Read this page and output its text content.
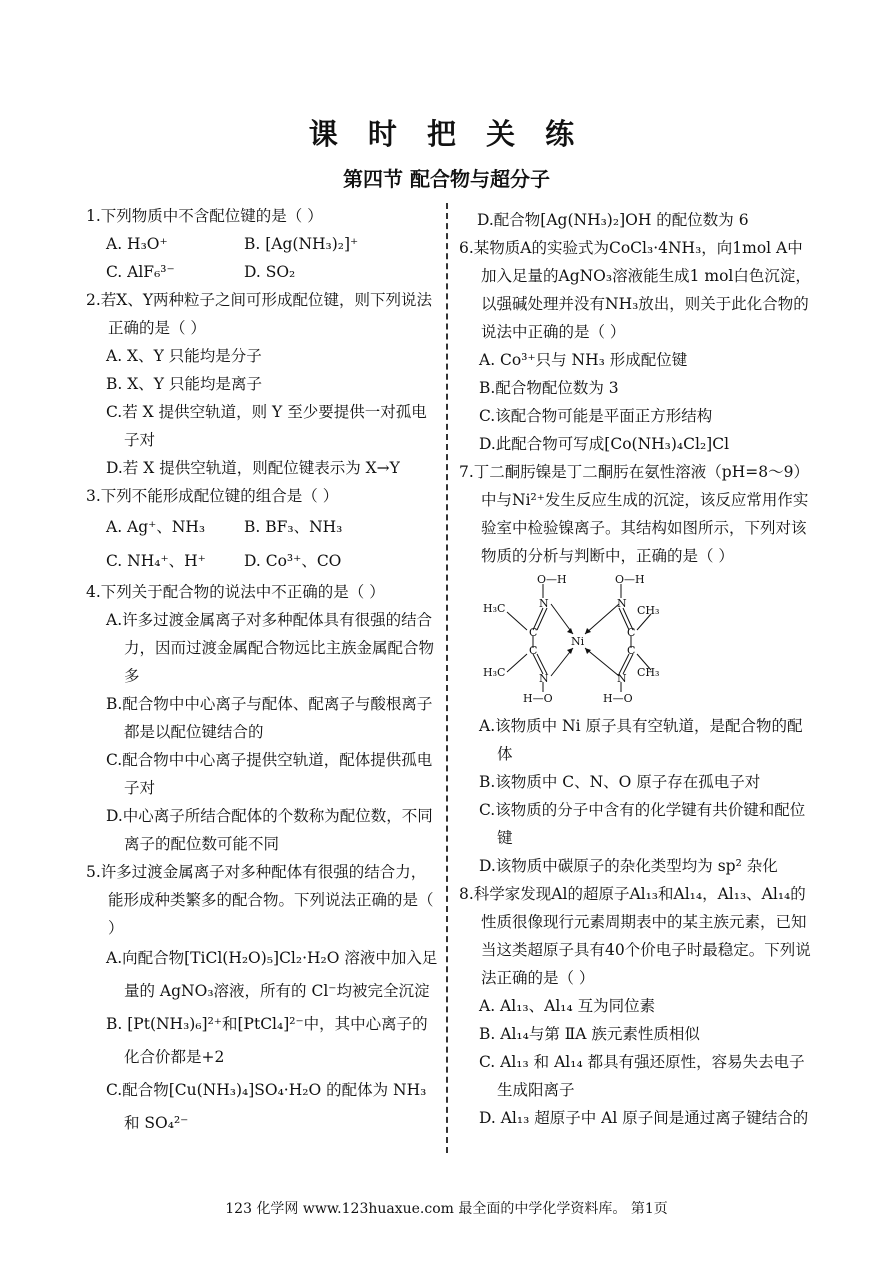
课 时 把 关 练
第四节 配合物与超分子
1.下列物质中不含配位键的是（ ）
A. H₃O⁺	B. [Ag(NH₃)₂]⁺
C. AlF₆³⁻	D. SO₂
2.若X、Y两种粒子之间可形成配位键，则下列说法正确的是（ ）
A. X、Y 只能均是分子
B. X、Y 只能均是离子
C.若 X 提供空轨道，则 Y 至少要提供一对孤电子对
D.若 X 提供空轨道，则配位键表示为 X→Y
3.下列不能形成配位键的组合是（ ）
A. Ag⁺、NH₃	B. BF₃、NH₃
C. NH₄⁺、H⁺	D. Co³⁺、CO
4.下列关于配合物的说法中不正确的是（ ）
A.许多过渡金属离子对多种配体具有很强的结合力，因而过渡金属配合物远比主族金属配合物多
B.配合物中中心离子与配体、配离子与酸根离子都是以配位键结合的
C.配合物中中心离子提供空轨道，配体提供孤电子对
D.中心离子所结合配体的个数称为配位数，不同离子的配位数可能不同
5.许多过渡金属离子对多种配体有很强的结合力，能形成种类繁多的配合物。下列说法正确的是（ ）
A.向配合物[TiCl(H₂O)₅]Cl₂·H₂O 溶液中加入足量的 AgNO₃溶液，所有的 Cl⁻均被完全沉淀
B. [Pt(NH₃)₆]²⁺和[PtCl₄]²⁻中，其中心离子的化合价都是+2
C.配合物[Cu(NH₃)₄]SO₄·H₂O 的配体为 NH₃ 和 SO₄²⁻
D.配合物[Ag(NH₃)₂]OH 的配位数为 6
6.某物质A的实验式为CoCl₃·4NH₃，向1mol A中加入足量的AgNO₃溶液能生成1 mol白色沉淀，以强碱处理并没有NH₃放出，则关于此化合物的说法中正确的是（ ）
A. Co³⁺只与 NH₃ 形成配位键
B.配合物配位数为 3
C.该配合物可能是平面正方形结构
D.此配合物可写成[Co(NH₃)₄Cl₂]Cl
7.丁二酮肟镍是丁二酮肟在氨性溶液（pH=8～9）中与Ni²⁺发生反应生成的沉淀，该反应常用作实验室中检验镍离子。其结构如图所示，下列对该物质的分析与判断中，正确的是（ ）
O—H	O—H
N	N
C	C
C	C
N	N
Ni
H₃C
H₃C
CH₃
CH₃
H—O	H—O
A.该物质中 Ni 原子具有空轨道，是配合物的配体
B.该物质中 C、N、O 原子存在孤电子对
C.该物质的分子中含有的化学键有共价键和配位键
D.该物质中碳原子的杂化类型均为 sp² 杂化
8.科学家发现Al的超原子Al₁₃和Al₁₄，Al₁₃、Al₁₄的性质很像现行元素周期表中的某主族元素，已知当这类超原子具有40个价电子时最稳定。下列说法正确的是（ ）
A. Al₁₃、Al₁₄ 互为同位素
B. Al₁₄与第 ⅡA 族元素性质相似
C. Al₁₃ 和 Al₁₄ 都具有强还原性，容易失去电子生成阳离子
D. Al₁₃ 超原子中 Al 原子间是通过离子键结合的
123 化学网 www.123huaxue.com 最全面的中学化学资料库。 第1页
